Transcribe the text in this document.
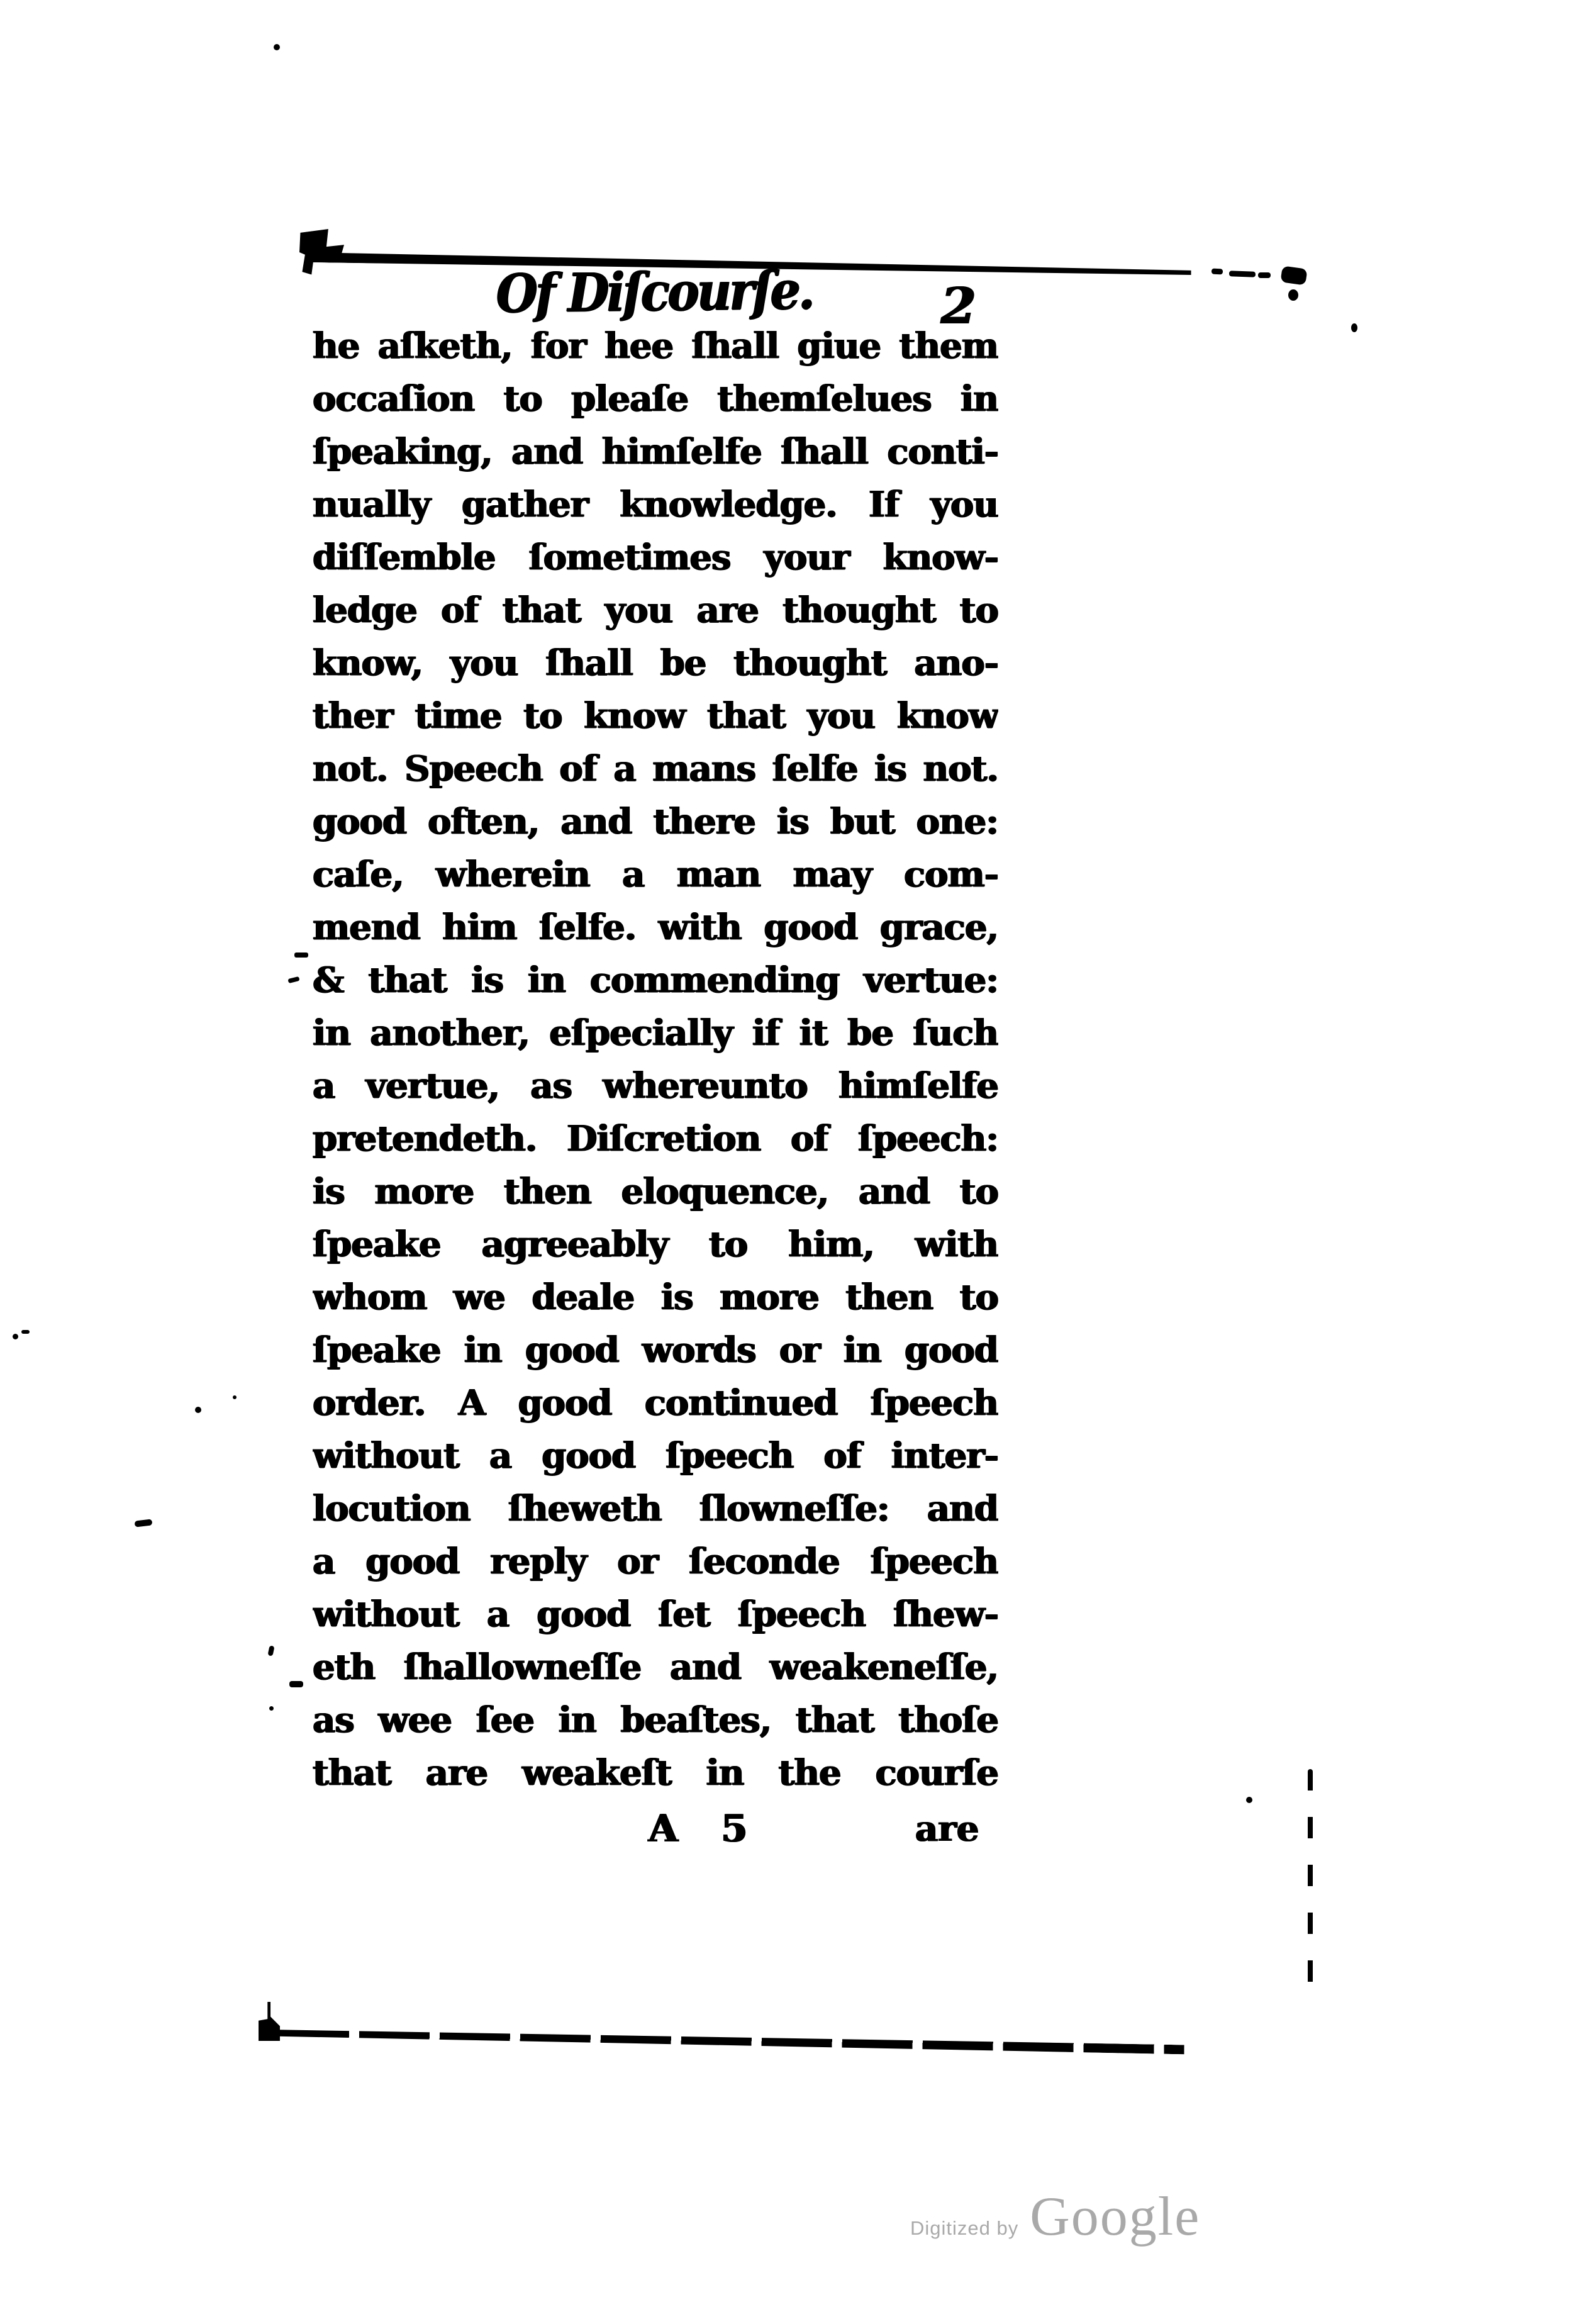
Of Diſcourſe.	2
he aſketh, for hee ſhall giue them
occaſion to pleaſe themſelues in
ſpeaking, and himſelfe ſhall conti-
nually gather knowledge. If you
diſſemble ſometimes your know-
ledge of that you are thought to
know, you ſhall be thought ano-
ther time to know that you know
not. Speech of a mans ſelfe is not.
good often, and there is but one:
caſe, wherein a man may com-
mend him ſelfe. with good grace,
& that is in commending vertue:
in another, eſpecially if it be ſuch
a vertue, as whereunto himſelfe
pretendeth. Diſcretion of ſpeech:
is more then eloquence, and to
ſpeake agreeably to him, with
whom we deale is more then to
ſpeake in good words or in good
order. A good continued ſpeech
without a good ſpeech of inter-
locution ſheweth ſlowneſſe: and
a good reply or ſeconde ſpeech
without a good ſet ſpeech ſhew-
eth ſhallowneſſe and weakeneſſe,
as wee ſee in beaſtes, that thoſe
that are weakeſt in the courſe
A 5	are
Digitized by Google
